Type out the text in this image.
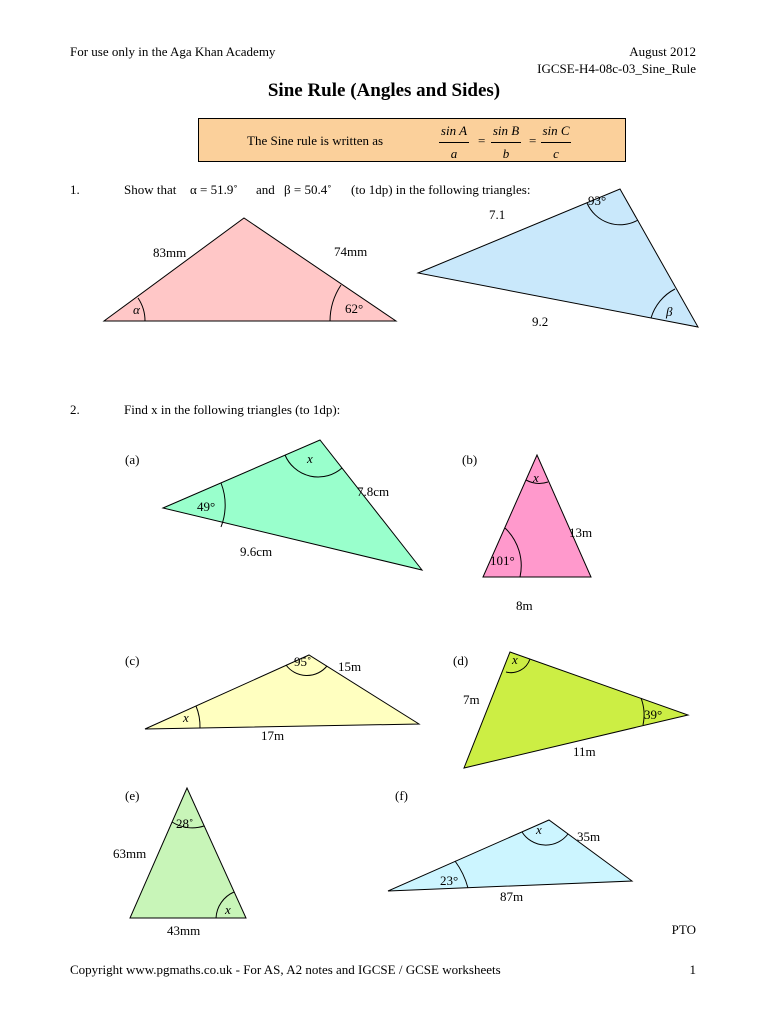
For use only in the Aga Khan Academy	August 2012
IGCSE-H4-08c-03_Sine_Rule
Sine Rule (Angles and Sides)
The Sine rule is written as	$\frac{\text{sin A}}{a} = \frac{\text{sin B}}{b} = \frac{\text{sin C}}{c}$
1.	Show that α = 51.9˚ and β = 50.4˚ (to 1dp) in the following triangles:
2.	Find x in the following triangles (to 1dp):
83mm	74mm
α	62°
7.1
9.2
93°
β
(a)	x
49°
7.8cm
9.6cm
(b)
x
101°
13m
8m
(c)	95˚ 15m
x
17m
(d)	x
7m
39°
11m
(e)
28˚
63mm
x
43mm
(f)
x	35m
23°
87m
PTO
Copyright www.pgmaths.co.uk - For AS, A2 notes and IGCSE / GCSE worksheets	1
